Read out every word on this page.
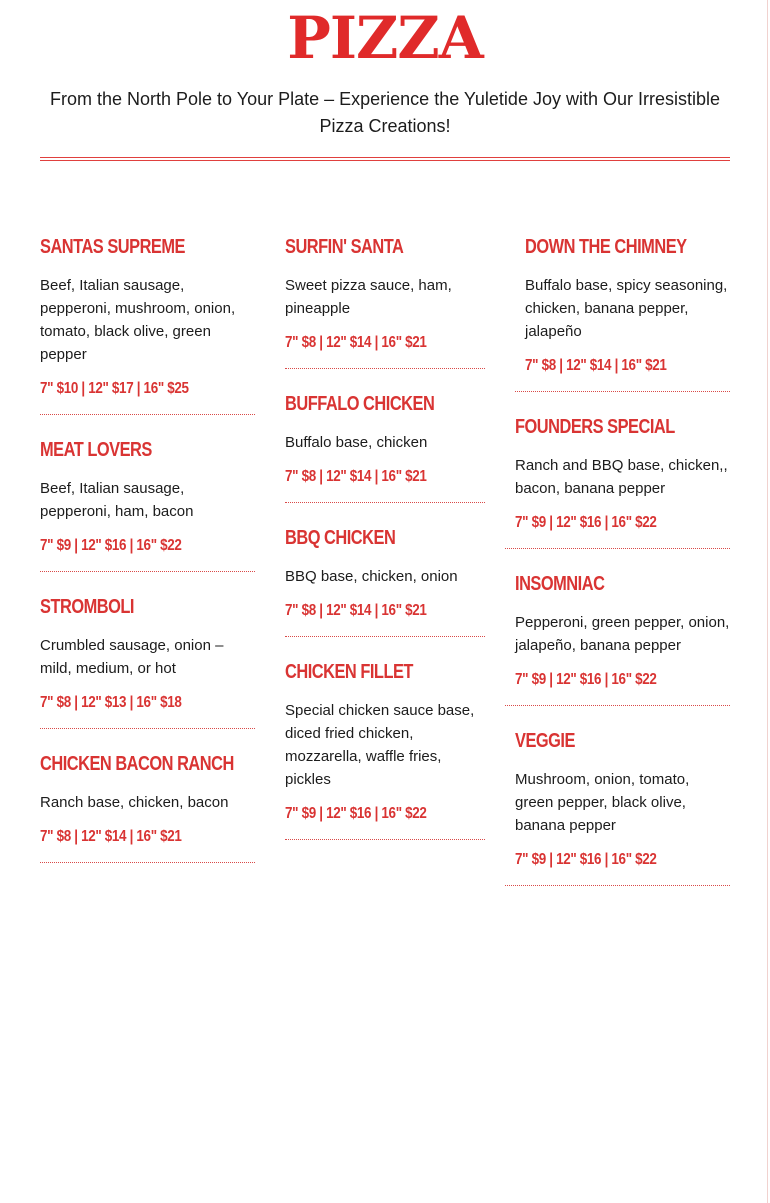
PIZZA

From the North Pole to Your Plate – Experience the Yuletide Joy with Our Irresistible Pizza Creations!

SANTAS SUPREME
Beef, Italian sausage, pepperoni, mushroom, onion, tomato, black olive, green pepper
7" $10 | 12" $17 | 16" $25
MEAT LOVERS
Beef, Italian sausage, pepperoni, ham, bacon
7" $9 | 12" $16 | 16" $22
STROMBOLI
Crumbled sausage, onion – mild, medium, or hot
7" $8 | 12" $13 | 16" $18
CHICKEN BACON RANCH
Ranch base, chicken, bacon
7" $8 | 12" $14 | 16" $21
SURFIN' SANTA
Sweet pizza sauce, ham, pineapple
7" $8 | 12" $14 | 16" $21
BUFFALO CHICKEN
Buffalo base, chicken
7" $8 | 12" $14 | 16" $21
BBQ CHICKEN
BBQ base, chicken, onion
7" $8 | 12" $14 | 16" $21
CHICKEN FILLET
Special chicken sauce base, diced fried chicken, mozzarella, waffle fries, pickles
7" $9 | 12" $16 | 16" $22
DOWN THE CHIMNEY
Buffalo base, spicy seasoning, chicken, banana pepper, jalapeño
7" $8 | 12" $14 | 16" $21
FOUNDERS SPECIAL
Ranch and BBQ base, chicken,, bacon, banana pepper
7" $9 | 12" $16 | 16" $22
INSOMNIAC
Pepperoni, green pepper, onion, jalapeño, banana pepper
7" $9 | 12" $16 | 16" $22
VEGGIE
Mushroom, onion, tomato, green pepper, black olive, banana pepper
7" $9 | 12" $16 | 16" $22
